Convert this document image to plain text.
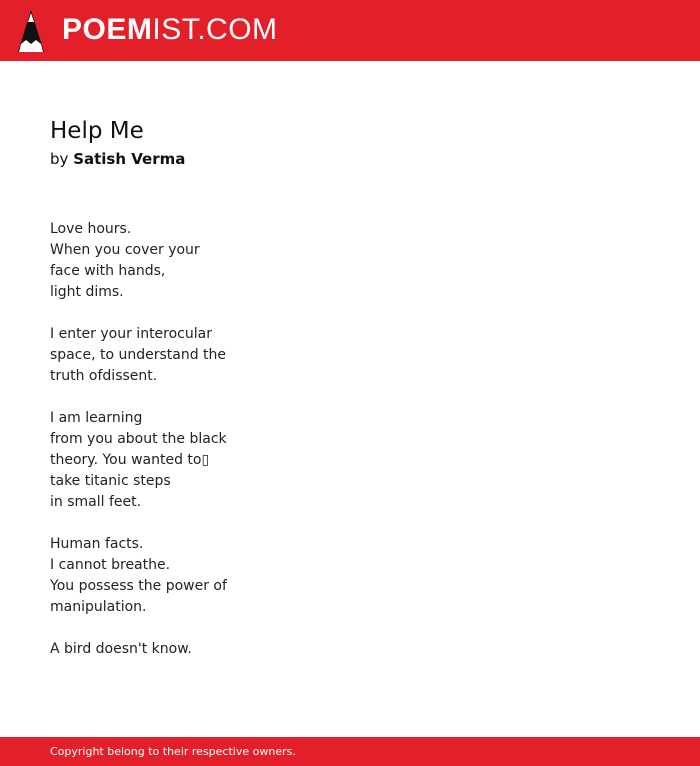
POEMIST.COM
Help Me
by Satish Verma
Love hours.
When you cover your
face with hands,
light dims.
I enter your interocular
space, to understand the
truth ofdissent.
I am learning
from you about the black
theory. You wanted to▯
take titanic steps
in small feet.
Human facts.
I cannot breathe.
You possess the power of
manipulation.
A bird doesn't know.
Copyright belong to their respective owners.
